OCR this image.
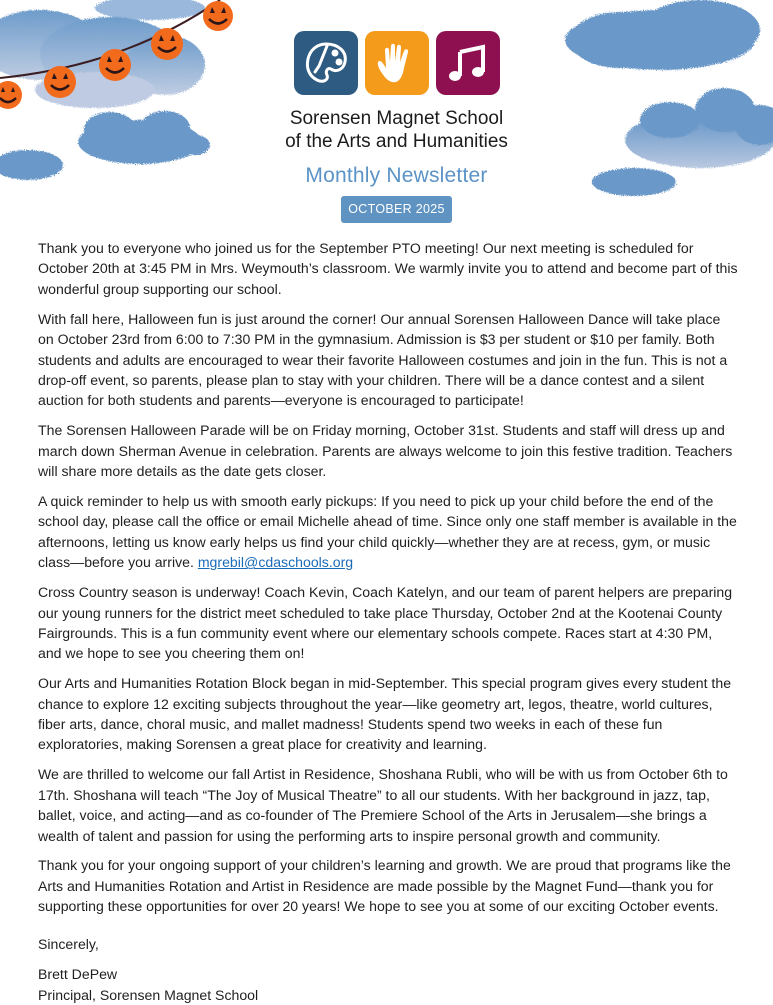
Sorensen Magnet School
of the Arts and Humanities
Monthly Newsletter
OCTOBER 2025

Thank you to everyone who joined us for the September PTO meeting! Our next meeting is scheduled for October 20th at 3:45 PM in Mrs. Weymouth’s classroom. We warmly invite you to attend and become part of this wonderful group supporting our school.

With fall here, Halloween fun is just around the corner! Our annual Sorensen Halloween Dance will take place on October 23rd from 6:00 to 7:30 PM in the gymnasium. Admission is $3 per student or $10 per family. Both students and adults are encouraged to wear their favorite Halloween costumes and join in the fun. This is not a drop-off event, so parents, please plan to stay with your children. There will be a dance contest and a silent auction for both students and parents—everyone is encouraged to participate!

The Sorensen Halloween Parade will be on Friday morning, October 31st. Students and staff will dress up and march down Sherman Avenue in celebration. Parents are always welcome to join this festive tradition. Teachers will share more details as the date gets closer.

A quick reminder to help us with smooth early pickups: If you need to pick up your child before the end of the school day, please call the office or email Michelle ahead of time. Since only one staff member is available in the afternoons, letting us know early helps us find your child quickly—whether they are at recess, gym, or music class—before you arrive. mgrebil@cdaschools.org

Cross Country season is underway! Coach Kevin, Coach Katelyn, and our team of parent helpers are preparing our young runners for the district meet scheduled to take place Thursday, October 2nd at the Kootenai County Fairgrounds. This is a fun community event where our elementary schools compete. Races start at 4:30 PM, and we hope to see you cheering them on!

Our Arts and Humanities Rotation Block began in mid-September. This special program gives every student the chance to explore 12 exciting subjects throughout the year—like geometry art, legos, theatre, world cultures, fiber arts, dance, choral music, and mallet madness! Students spend two weeks in each of these fun exploratories, making Sorensen a great place for creativity and learning.

We are thrilled to welcome our fall Artist in Residence, Shoshana Rubli, who will be with us from October 6th to 17th. Shoshana will teach “The Joy of Musical Theatre” to all our students. With her background in jazz, tap, ballet, voice, and acting—and as co-founder of The Premiere School of the Arts in Jerusalem—she brings a wealth of talent and passion for using the performing arts to inspire personal growth and community.

Thank you for your ongoing support of your children’s learning and growth. We are proud that programs like the Arts and Humanities Rotation and Artist in Residence are made possible by the Magnet Fund—thank you for supporting these opportunities for over 20 years! We hope to see you at some of our exciting October events.

Sincerely,

Brett DePew
Principal, Sorensen Magnet School
